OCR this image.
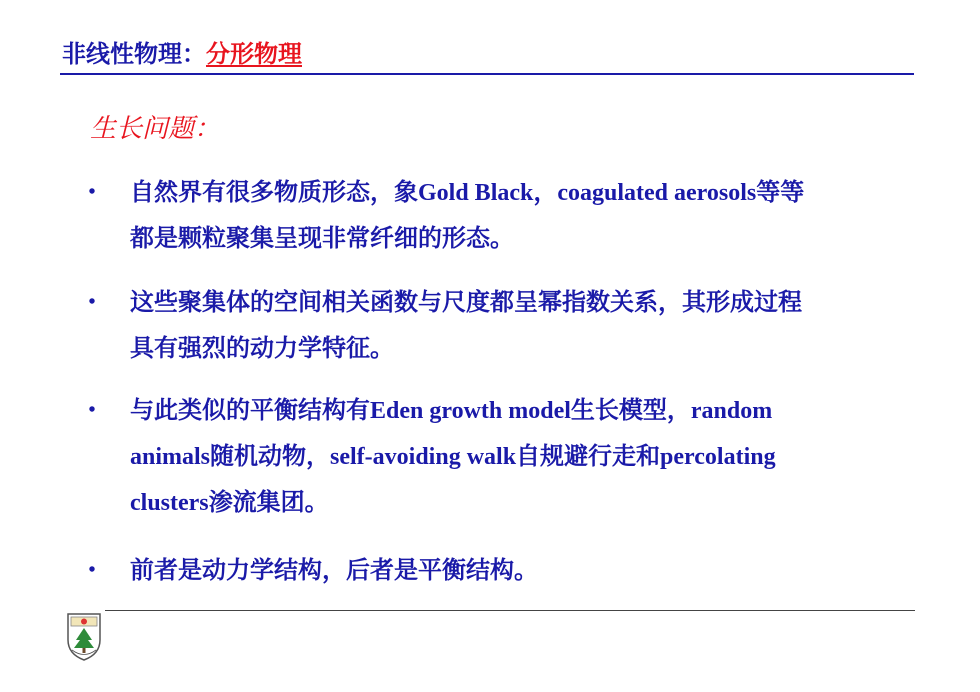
非线性物理：分形物理
生长问题：
• 自然界有很多物质形态，象Gold Black，coagulated aerosols等等
都是颗粒聚集呈现非常纤细的形态。
• 这些聚集体的空间相关函数与尺度都呈幂指数关系，其形成过程
具有强烈的动力学特征。
• 与此类似的平衡结构有Eden growth model生长模型，random
animals随机动物，self-avoiding walk自规避行走和percolating
clusters渗流集团。
• 前者是动力学结构，后者是平衡结构。
